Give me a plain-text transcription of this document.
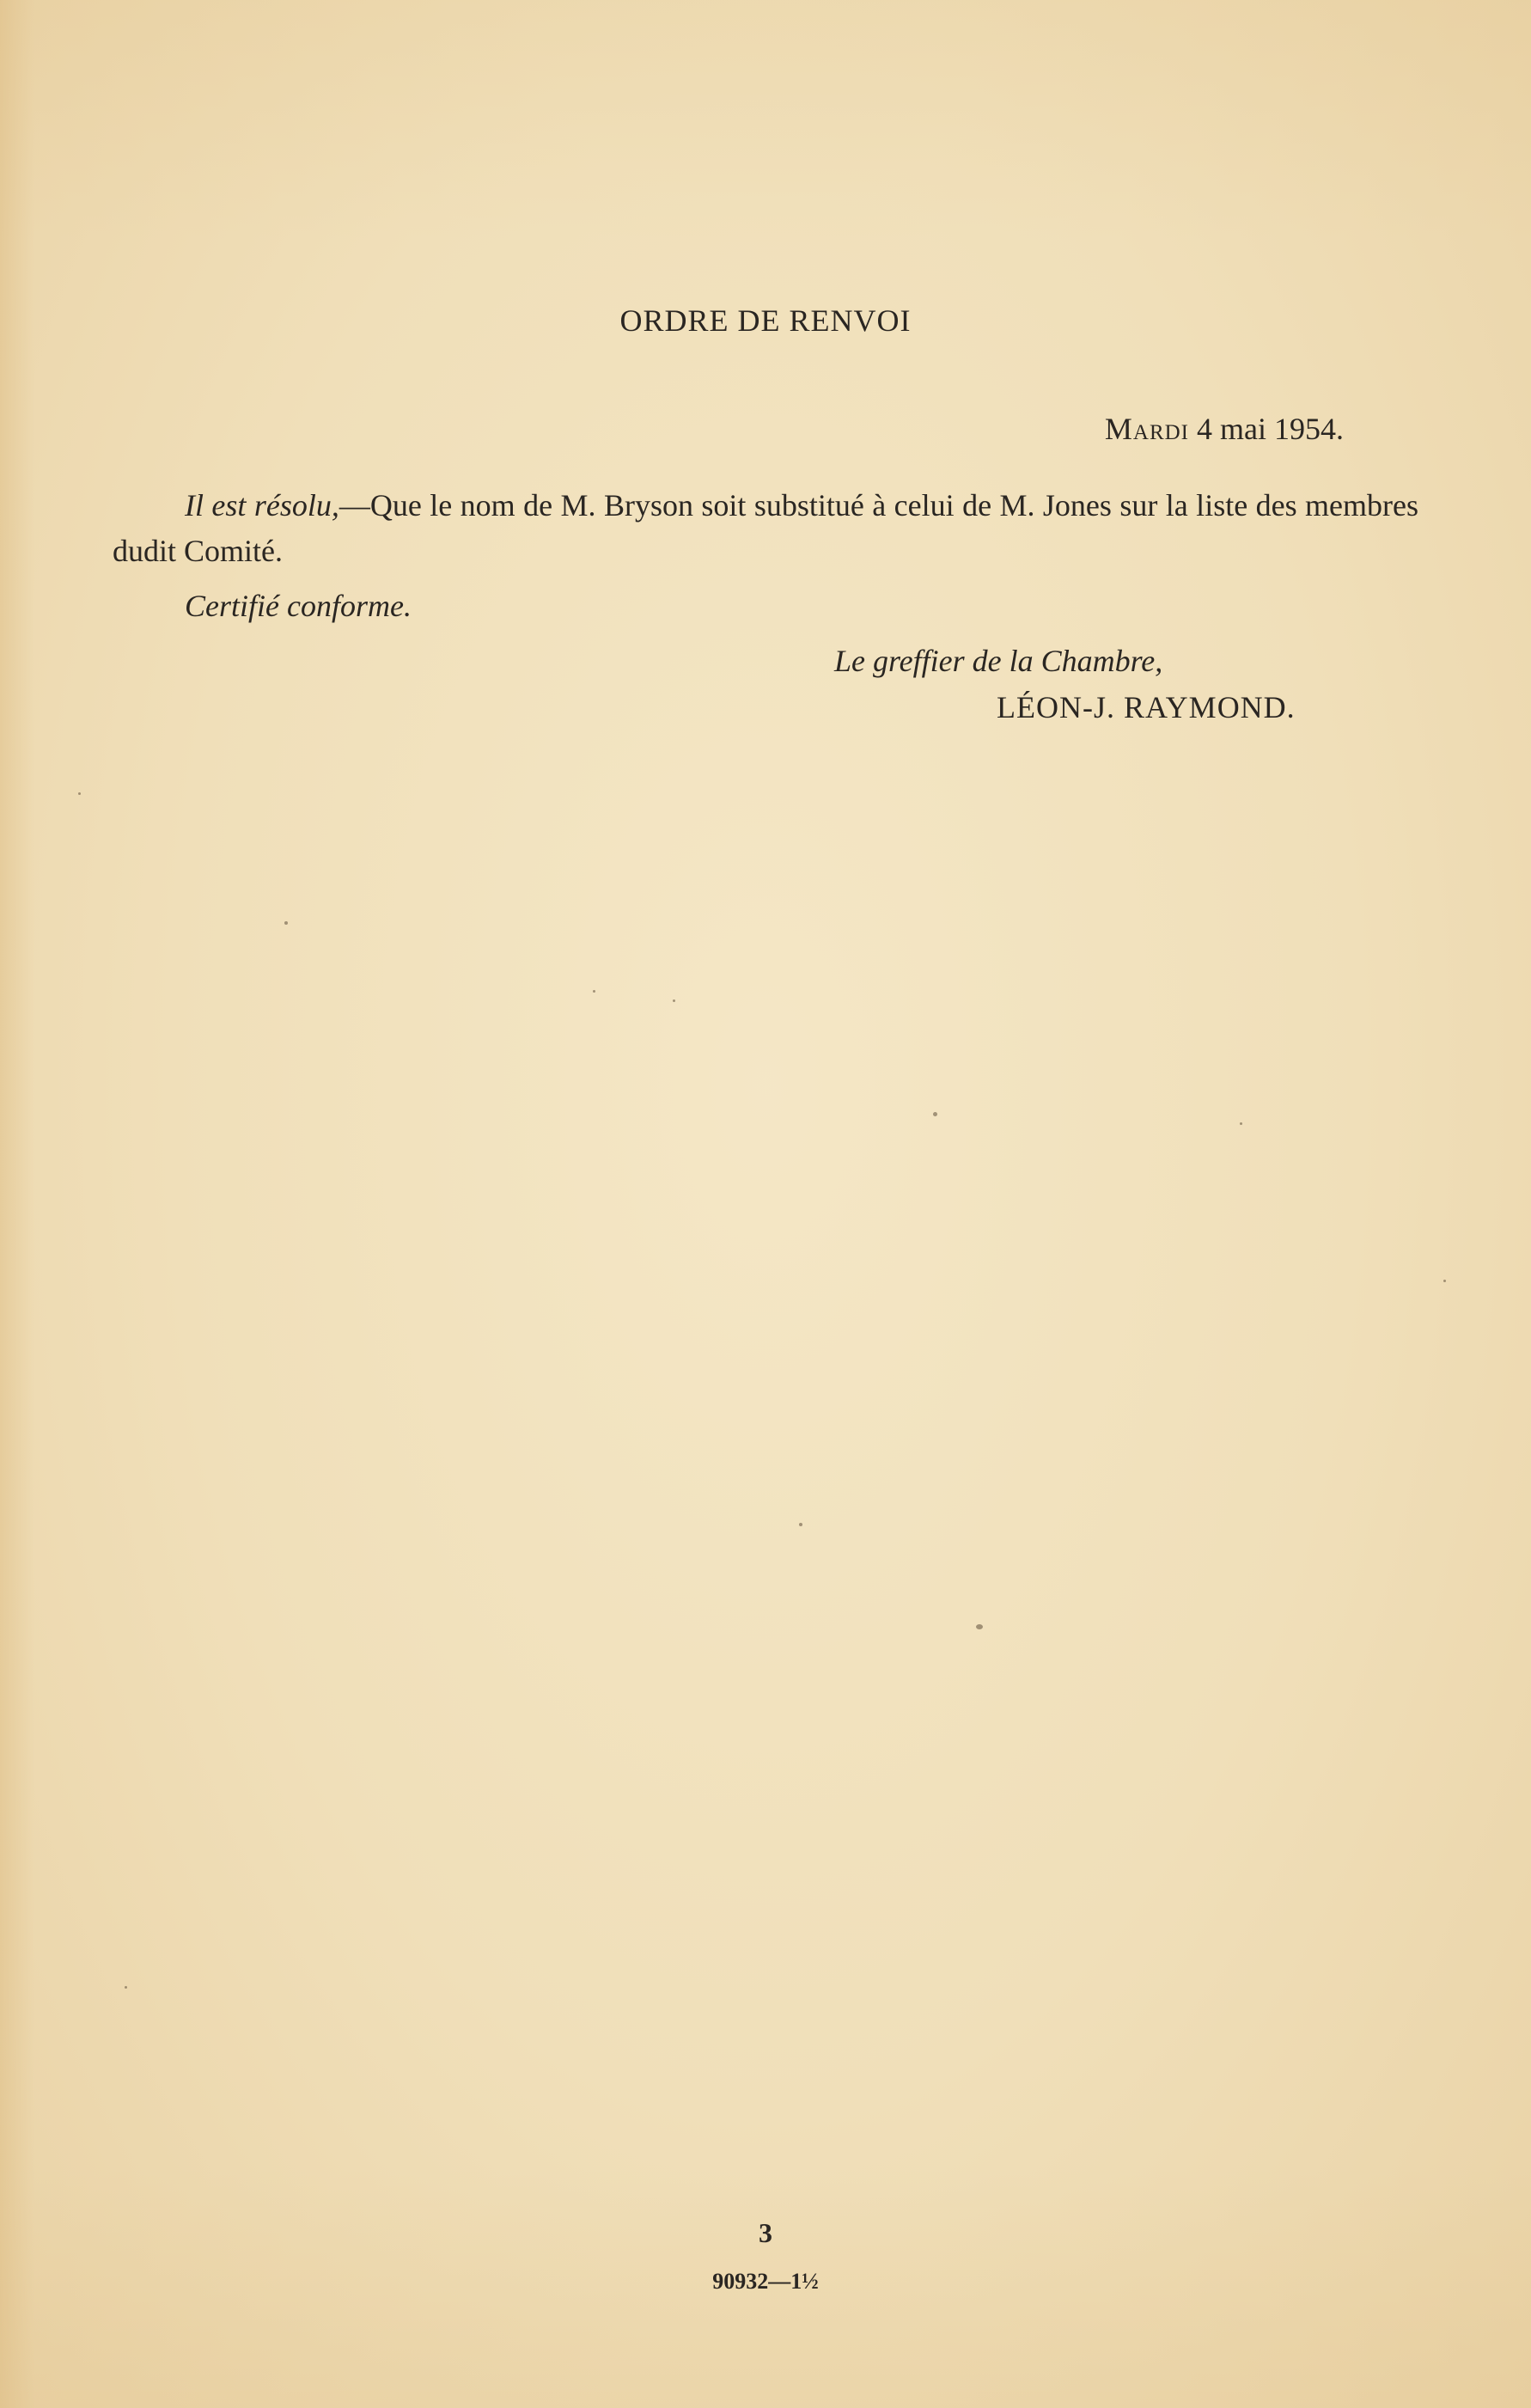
ORDRE DE RENVOI

Mardi 4 mai 1954.

Il est résolu,—Que le nom de M. Bryson soit substitué à celui de M. Jones sur la liste des membres dudit Comité.

Certifié conforme.

Le greffier de la Chambre,

LÉON-J. RAYMOND.

3

90932—1½
